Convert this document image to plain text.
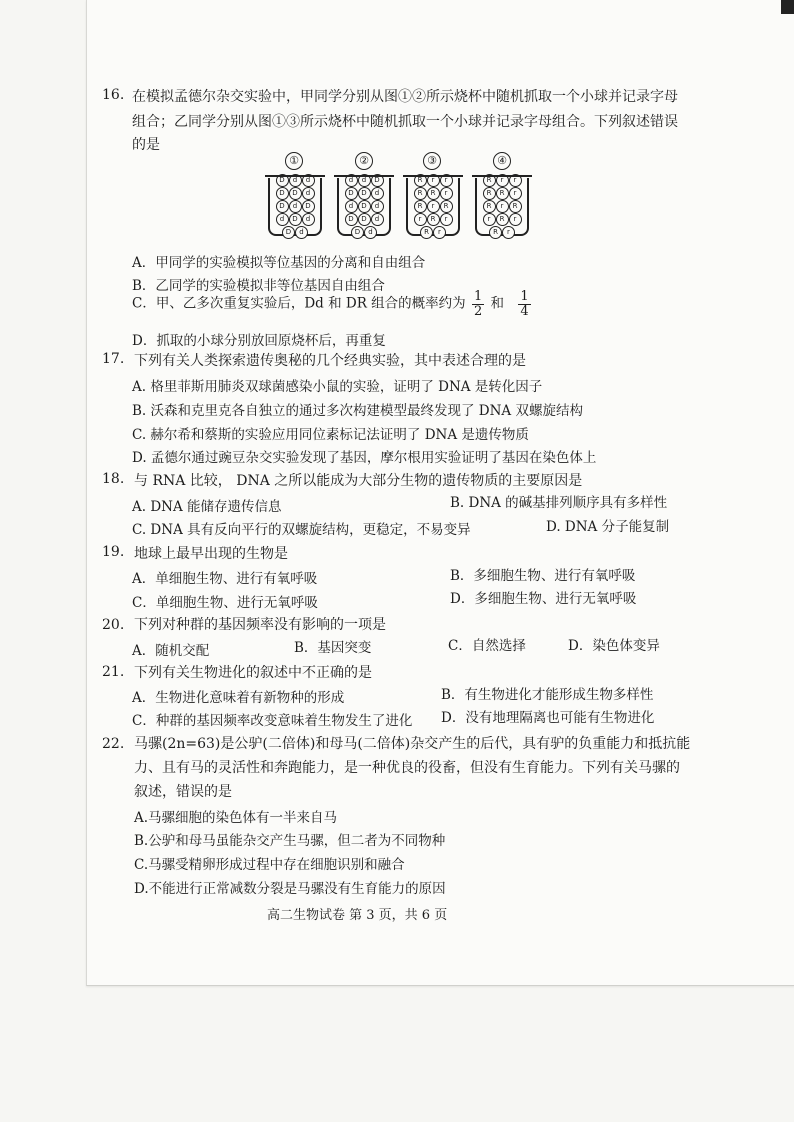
16. 在模拟孟德尔杂交实验中，甲同学分别从图①②所示烧杯中随机抓取一个小球并记录字母
组合；乙同学分别从图①③所示烧杯中随机抓取一个小球并记录字母组合。下列叙述错误
的是
①	②	③	④
D	d	d
D	D	d
D	d	D
d	D	d
D	d
d	d	D
D	D	d
d	D	d
D	D	d
D	d
R	r	r
R	R	r
R	r	R
r	R	r
R	r
R	r	r
R	R	r
R	r	R
r	R	r
R	r
A．甲同学的实验模拟等位基因的分离和自由组合
B．乙同学的实验模拟非等位基因自由组合
C．甲、乙多次重复实验后，Dd 和 DR 组合的概率约为 $\frac{1}{2}$ 和 $\frac{1}{4}$
D．抓取的小球分别放回原烧杯后，再重复
17. 下列有关人类探索遗传奥秘的几个经典实验，其中表述合理的是
A. 格里菲斯用肺炎双球菌感染小鼠的实验，证明了 DNA 是转化因子
B. 沃森和克里克各自独立的通过多次构建模型最终发现了 DNA 双螺旋结构
C. 赫尔希和蔡斯的实验应用同位素标记法证明了 DNA 是遗传物质
D. 孟德尔通过豌豆杂交实验发现了基因，摩尔根用实验证明了基因在染色体上
18. 与 RNA 比较， DNA 之所以能成为大部分生物的遗传物质的主要原因是
A. DNA 能储存遗传信息	B. DNA 的碱基排列顺序具有多样性
C. DNA 具有反向平行的双螺旋结构，更稳定，不易变异	D. DNA 分子能复制
19. 地球上最早出现的生物是
A．单细胞生物、进行有氧呼吸	B．多细胞生物、进行有氧呼吸
C．单细胞生物、进行无氧呼吸	D．多细胞生物、进行无氧呼吸
20. 下列对种群的基因频率没有影响的一项是
A．随机交配	B．基因突变	C．自然选择	D．染色体变异
21. 下列有关生物进化的叙述中不正确的是
A．生物进化意味着有新物种的形成	B．有生物进化才能形成生物多样性
C．种群的基因频率改变意味着生物发生了进化 D．没有地理隔离也可能有生物进化
22. 马骡(2n=63)是公驴(二倍体)和母马(二倍体)杂交产生的后代，具有驴的负重能力和抵抗能
力、且有马的灵活性和奔跑能力，是一种优良的役畜，但没有生育能力。下列有关马骡的
叙述，错误的是
A.马骡细胞的染色体有一半来自马
B.公驴和母马虽能杂交产生马骡，但二者为不同物种
C.马骡受精卵形成过程中存在细胞识别和融合
D.不能进行正常减数分裂是马骡没有生育能力的原因
高二生物试卷 第 3 页，共 6 页
